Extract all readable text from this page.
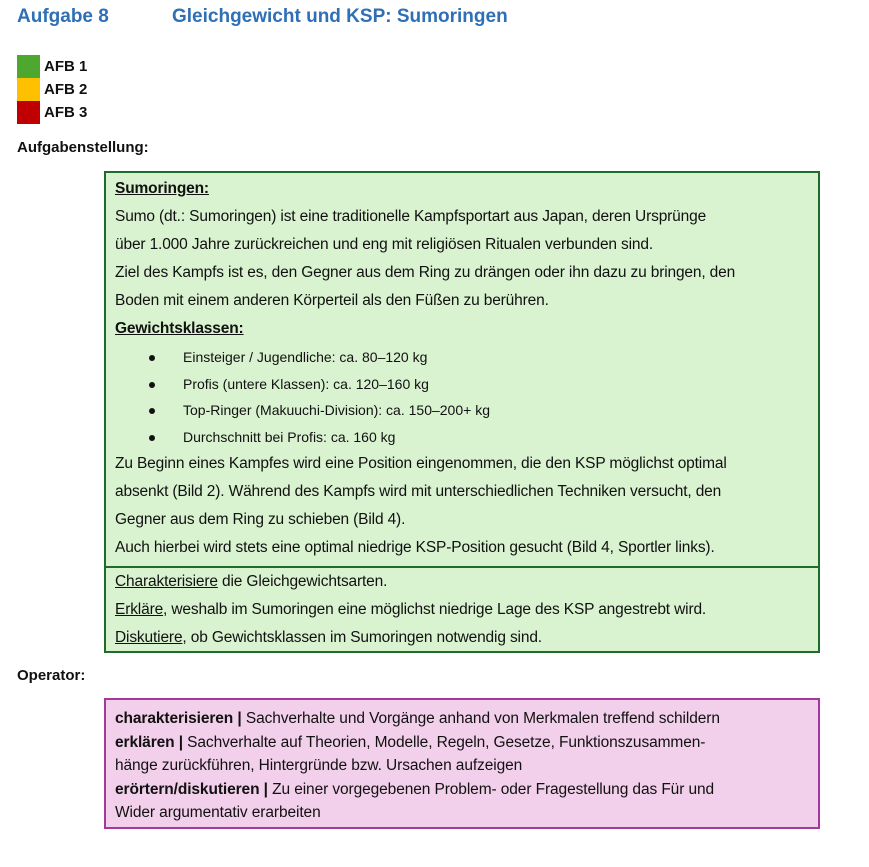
Aufgabe 8	Gleichgewicht und KSP: Sumoringen
AFB 1
AFB 2
AFB 3
Aufgabenstellung:
Sumoringen:
Sumo (dt.: Sumoringen) ist eine traditionelle Kampfsportart aus Japan, deren Ursprünge
über 1.000 Jahre zurückreichen und eng mit religiösen Ritualen verbunden sind.
Ziel des Kampfs ist es, den Gegner aus dem Ring zu drängen oder ihn dazu zu bringen, den
Boden mit einem anderen Körperteil als den Füßen zu berühren.
Gewichtsklassen:
Einsteiger / Jugendliche: ca. 80–120 kg
Profis (untere Klassen): ca. 120–160 kg
Top-Ringer (Makuuchi-Division): ca. 150–200+ kg
Durchschnitt bei Profis: ca. 160 kg
Zu Beginn eines Kampfes wird eine Position eingenommen, die den KSP möglichst optimal
absenkt (Bild 2). Während des Kampfs wird mit unterschiedlichen Techniken versucht, den
Gegner aus dem Ring zu schieben (Bild 4).
Auch hierbei wird stets eine optimal niedrige KSP-Position gesucht (Bild 4, Sportler links).
Charakterisiere die Gleichgewichtsarten.
Erkläre, weshalb im Sumoringen eine möglichst niedrige Lage des KSP angestrebt wird.
Diskutiere, ob Gewichtsklassen im Sumoringen notwendig sind.
Operator:
charakterisieren | Sachverhalte und Vorgänge anhand von Merkmalen treffend schildern
erklären | Sachverhalte auf Theorien, Modelle, Regeln, Gesetze, Funktionszusammen-
hänge zurückführen, Hintergründe bzw. Ursachen aufzeigen
erörtern/diskutieren | Zu einer vorgegebenen Problem- oder Fragestellung das Für und
Wider argumentativ erarbeiten
